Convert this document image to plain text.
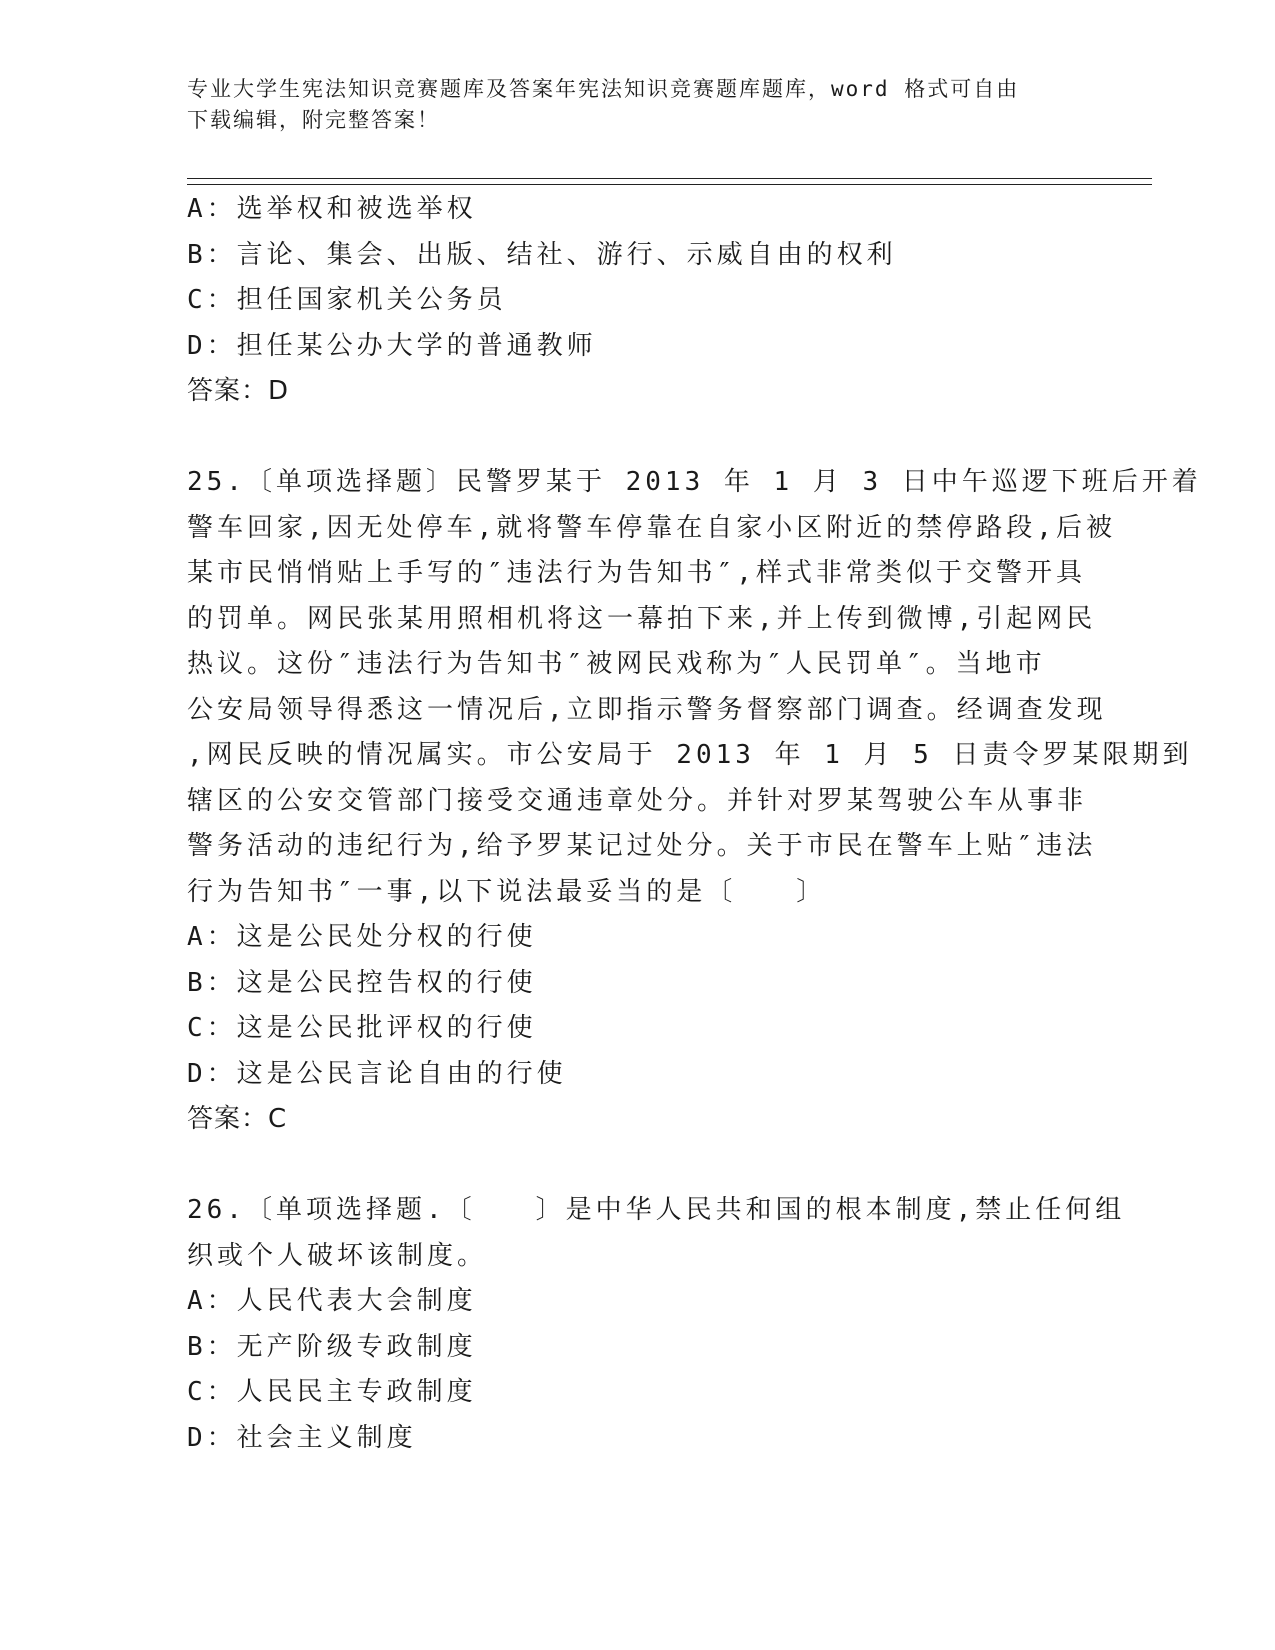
专业大学生宪法知识竞赛题库及答案年宪法知识竞赛题库题库，word 格式可自由
下载编辑，附完整答案！
A：选举权和被选举权
B：言论、集会、出版、结社、游行、示威自由的权利
C：担任国家机关公务员
D：担任某公办大学的普通教师
答案：D
25.〔单项选择题〕民警罗某于 2013 年 1 月 3 日中午巡逻下班后开着
警车回家,因无处停车,就将警车停靠在自家小区附近的禁停路段,后被
某市民悄悄贴上手写的″违法行为告知书″,样式非常类似于交警开具
的罚单。网民张某用照相机将这一幕拍下来,并上传到微博,引起网民
热议。这份″违法行为告知书″被网民戏称为″人民罚单″。当地市
公安局领导得悉这一情况后,立即指示警务督察部门调查。经调查发现
,网民反映的情况属实。市公安局于 2013 年 1 月 5 日责令罗某限期到
辖区的公安交管部门接受交通违章处分。并针对罗某驾驶公车从事非
警务活动的违纪行为,给予罗某记过处分。关于市民在警车上贴″违法
行为告知书″一事,以下说法最妥当的是〔　　〕
A：这是公民处分权的行使
B：这是公民控告权的行使
C：这是公民批评权的行使
D：这是公民言论自由的行使
答案：C
26.〔单项选择题.〔　　〕是中华人民共和国的根本制度,禁止任何组
织或个人破坏该制度。
A：人民代表大会制度
B：无产阶级专政制度
C：人民民主专政制度
D：社会主义制度
